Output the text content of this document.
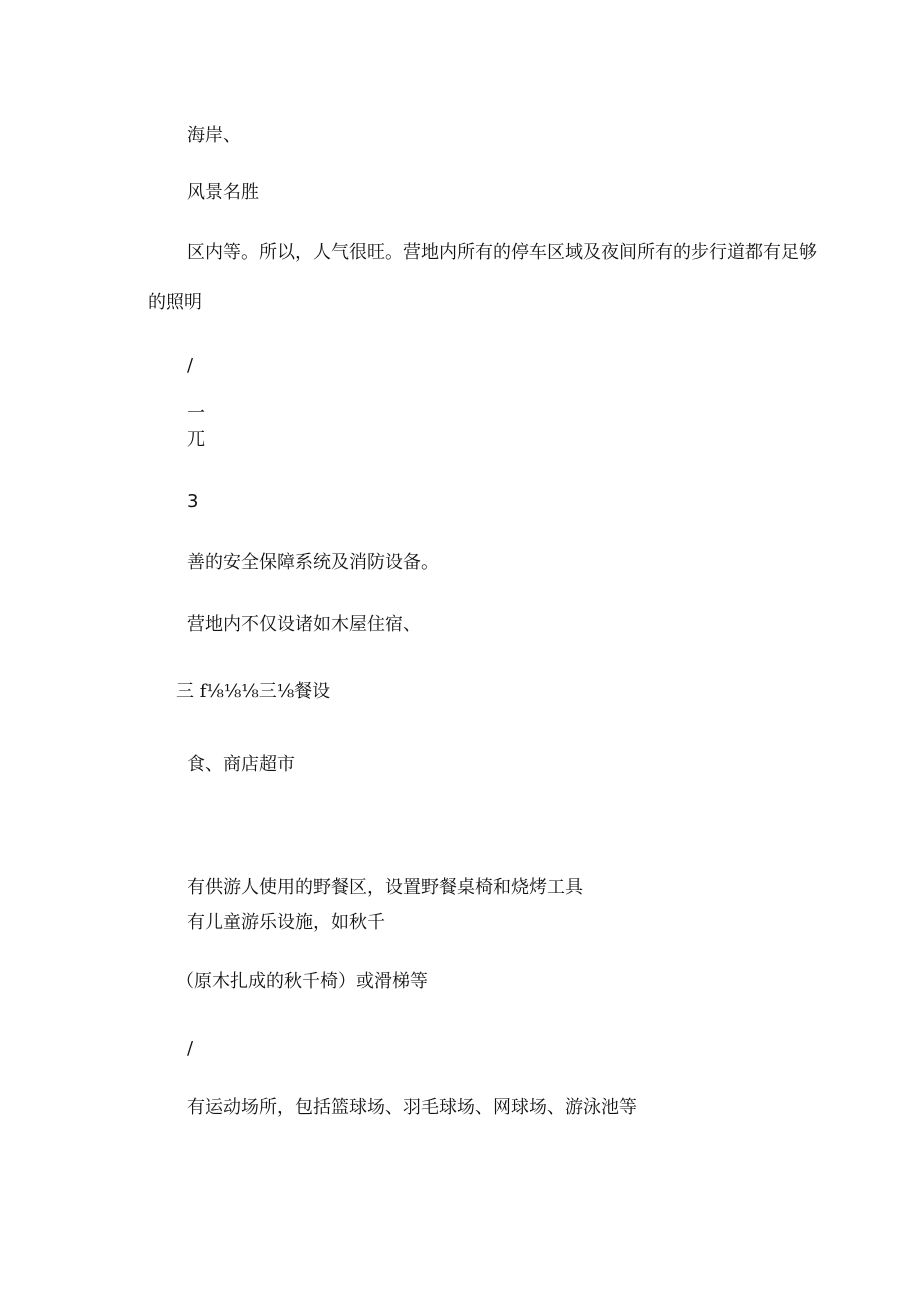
海岸、
风景名胜
区内等。所以，人气很旺。营地内所有的停车区域及夜间所有的步行道都有足够
的照明
/
一
兀
3
善的安全保障系统及消防设备。
营地内不仅设诸如木屋住宿、
三 f⅛⅛⅛三⅛餐设
食、商店超市
有供游人使用的野餐区，设置野餐桌椅和烧烤工具
有儿童游乐设施，如秋千
（原木扎成的秋千椅）或滑梯等
/
有运动场所，包括篮球场、羽毛球场、网球场、游泳池等
